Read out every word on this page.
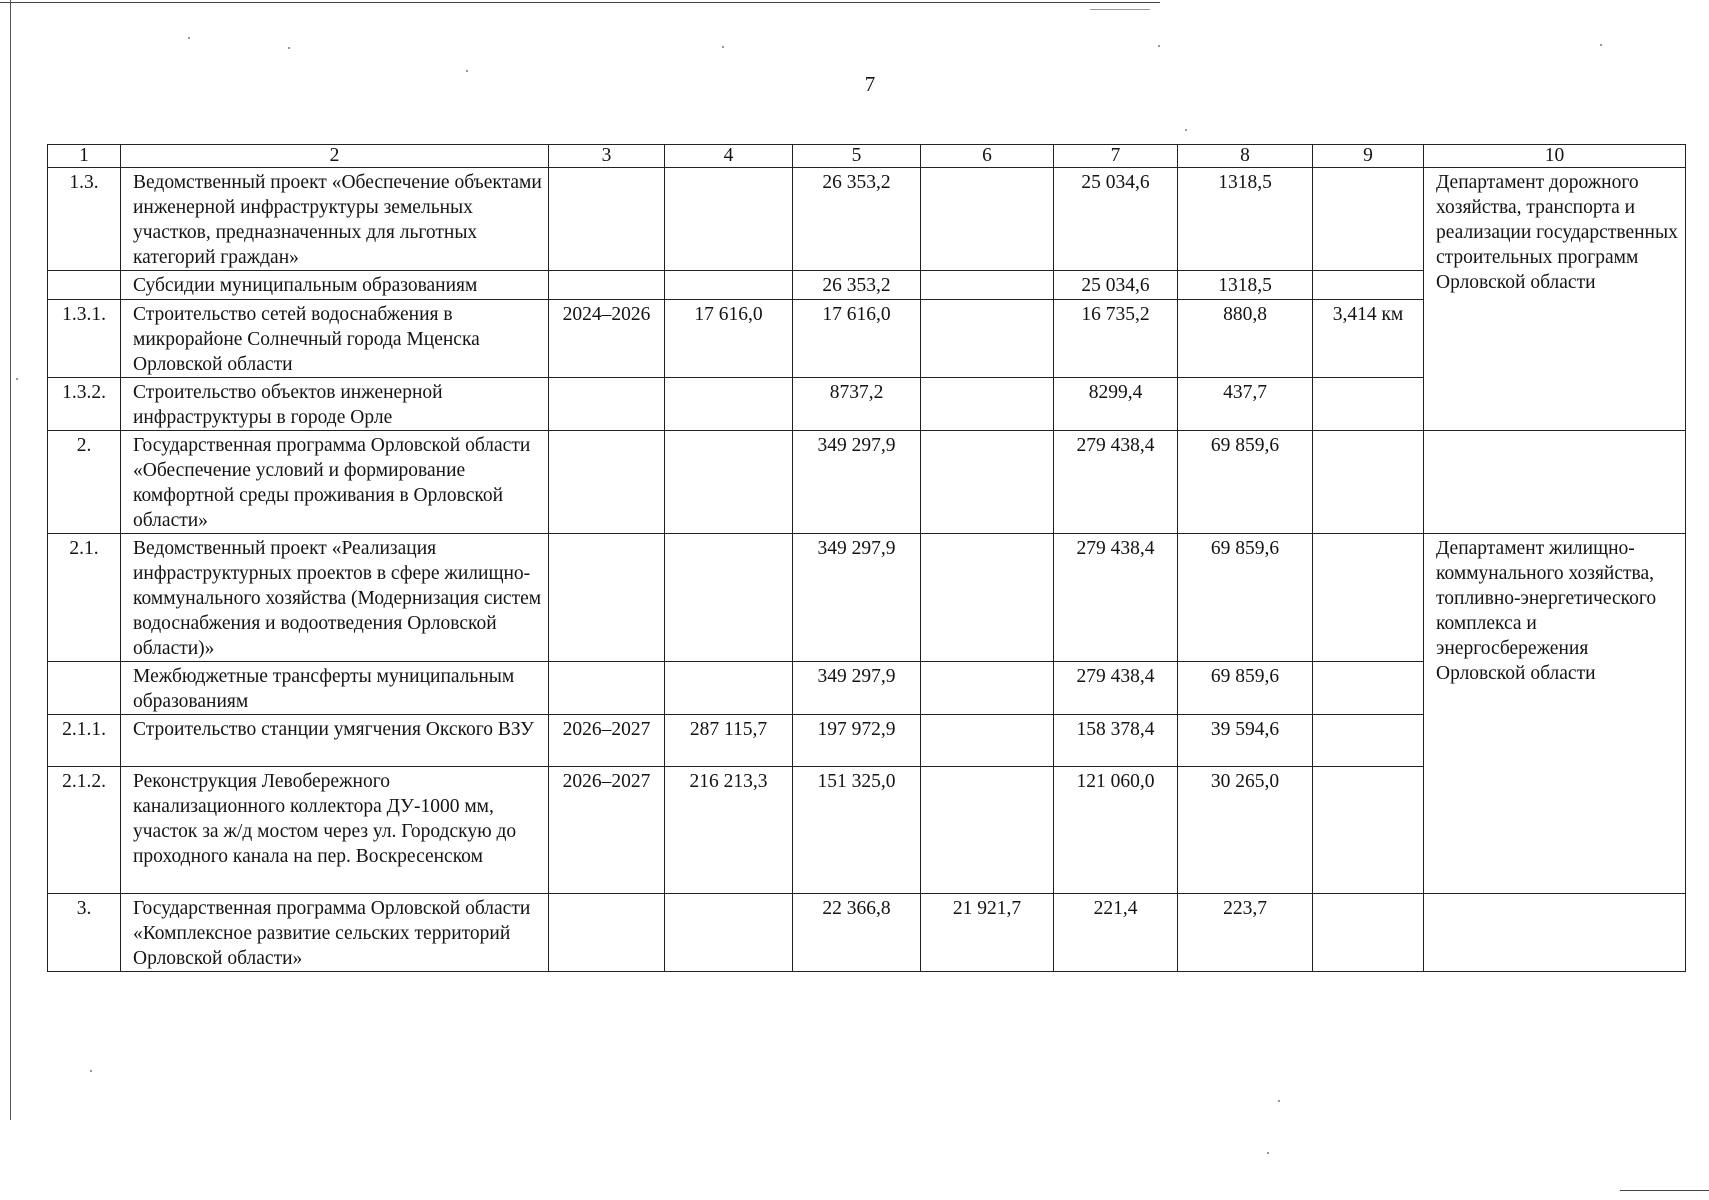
7
1	2	3	4	5	6	7	8	9	10
1.3.	Ведомственный проект «Обеспечение объектами инженерной инфраструктуры земельных участков, предназначенных для льготных категорий граждан»			26 353,2		25 034,6	1318,5		Департамент дорожного хозяйства, транспорта и реализации государственных строительных программ Орловской области
	Субсидии муниципальным образованиям			26 353,2		25 034,6	1318,5		
1.3.1.	Строительство сетей водоснабжения в микрорайоне Солнечный города Мценска Орловской области	2024–2026	17 616,0	17 616,0		16 735,2	880,8	3,414 км	
1.3.2.	Строительство объектов инженерной инфраструктуры в городе Орле			8737,2		8299,4	437,7		
2.	Государственная программа Орловской области «Обеспечение условий и формирование комфортной среды проживания в Орловской области»			349 297,9		279 438,4	69 859,6		
2.1.	Ведомственный проект «Реализация инфраструктурных проектов в сфере жилищно-коммунального хозяйства (Модернизация систем водоснабжения и водоотведения Орловской области)»			349 297,9		279 438,4	69 859,6		Департамент жилищно-коммунального хозяйства, топливно-энергетического комплекса и энергосбережения Орловской области
	Межбюджетные трансферты муниципальным образованиям			349 297,9		279 438,4	69 859,6		
2.1.1.	Строительство станции умягчения Окского ВЗУ	2026–2027	287 115,7	197 972,9		158 378,4	39 594,6		
2.1.2.	Реконструкция Левобережного канализационного коллектора ДУ-1000 мм, участок за ж/д мостом через ул. Городскую до проходного канала на пер. Воскресенском	2026–2027	216 213,3	151 325,0		121 060,0	30 265,0		
3.	Государственная программа Орловской области «Комплексное развитие сельских территорий Орловской области»			22 366,8	21 921,7	221,4	223,7		
